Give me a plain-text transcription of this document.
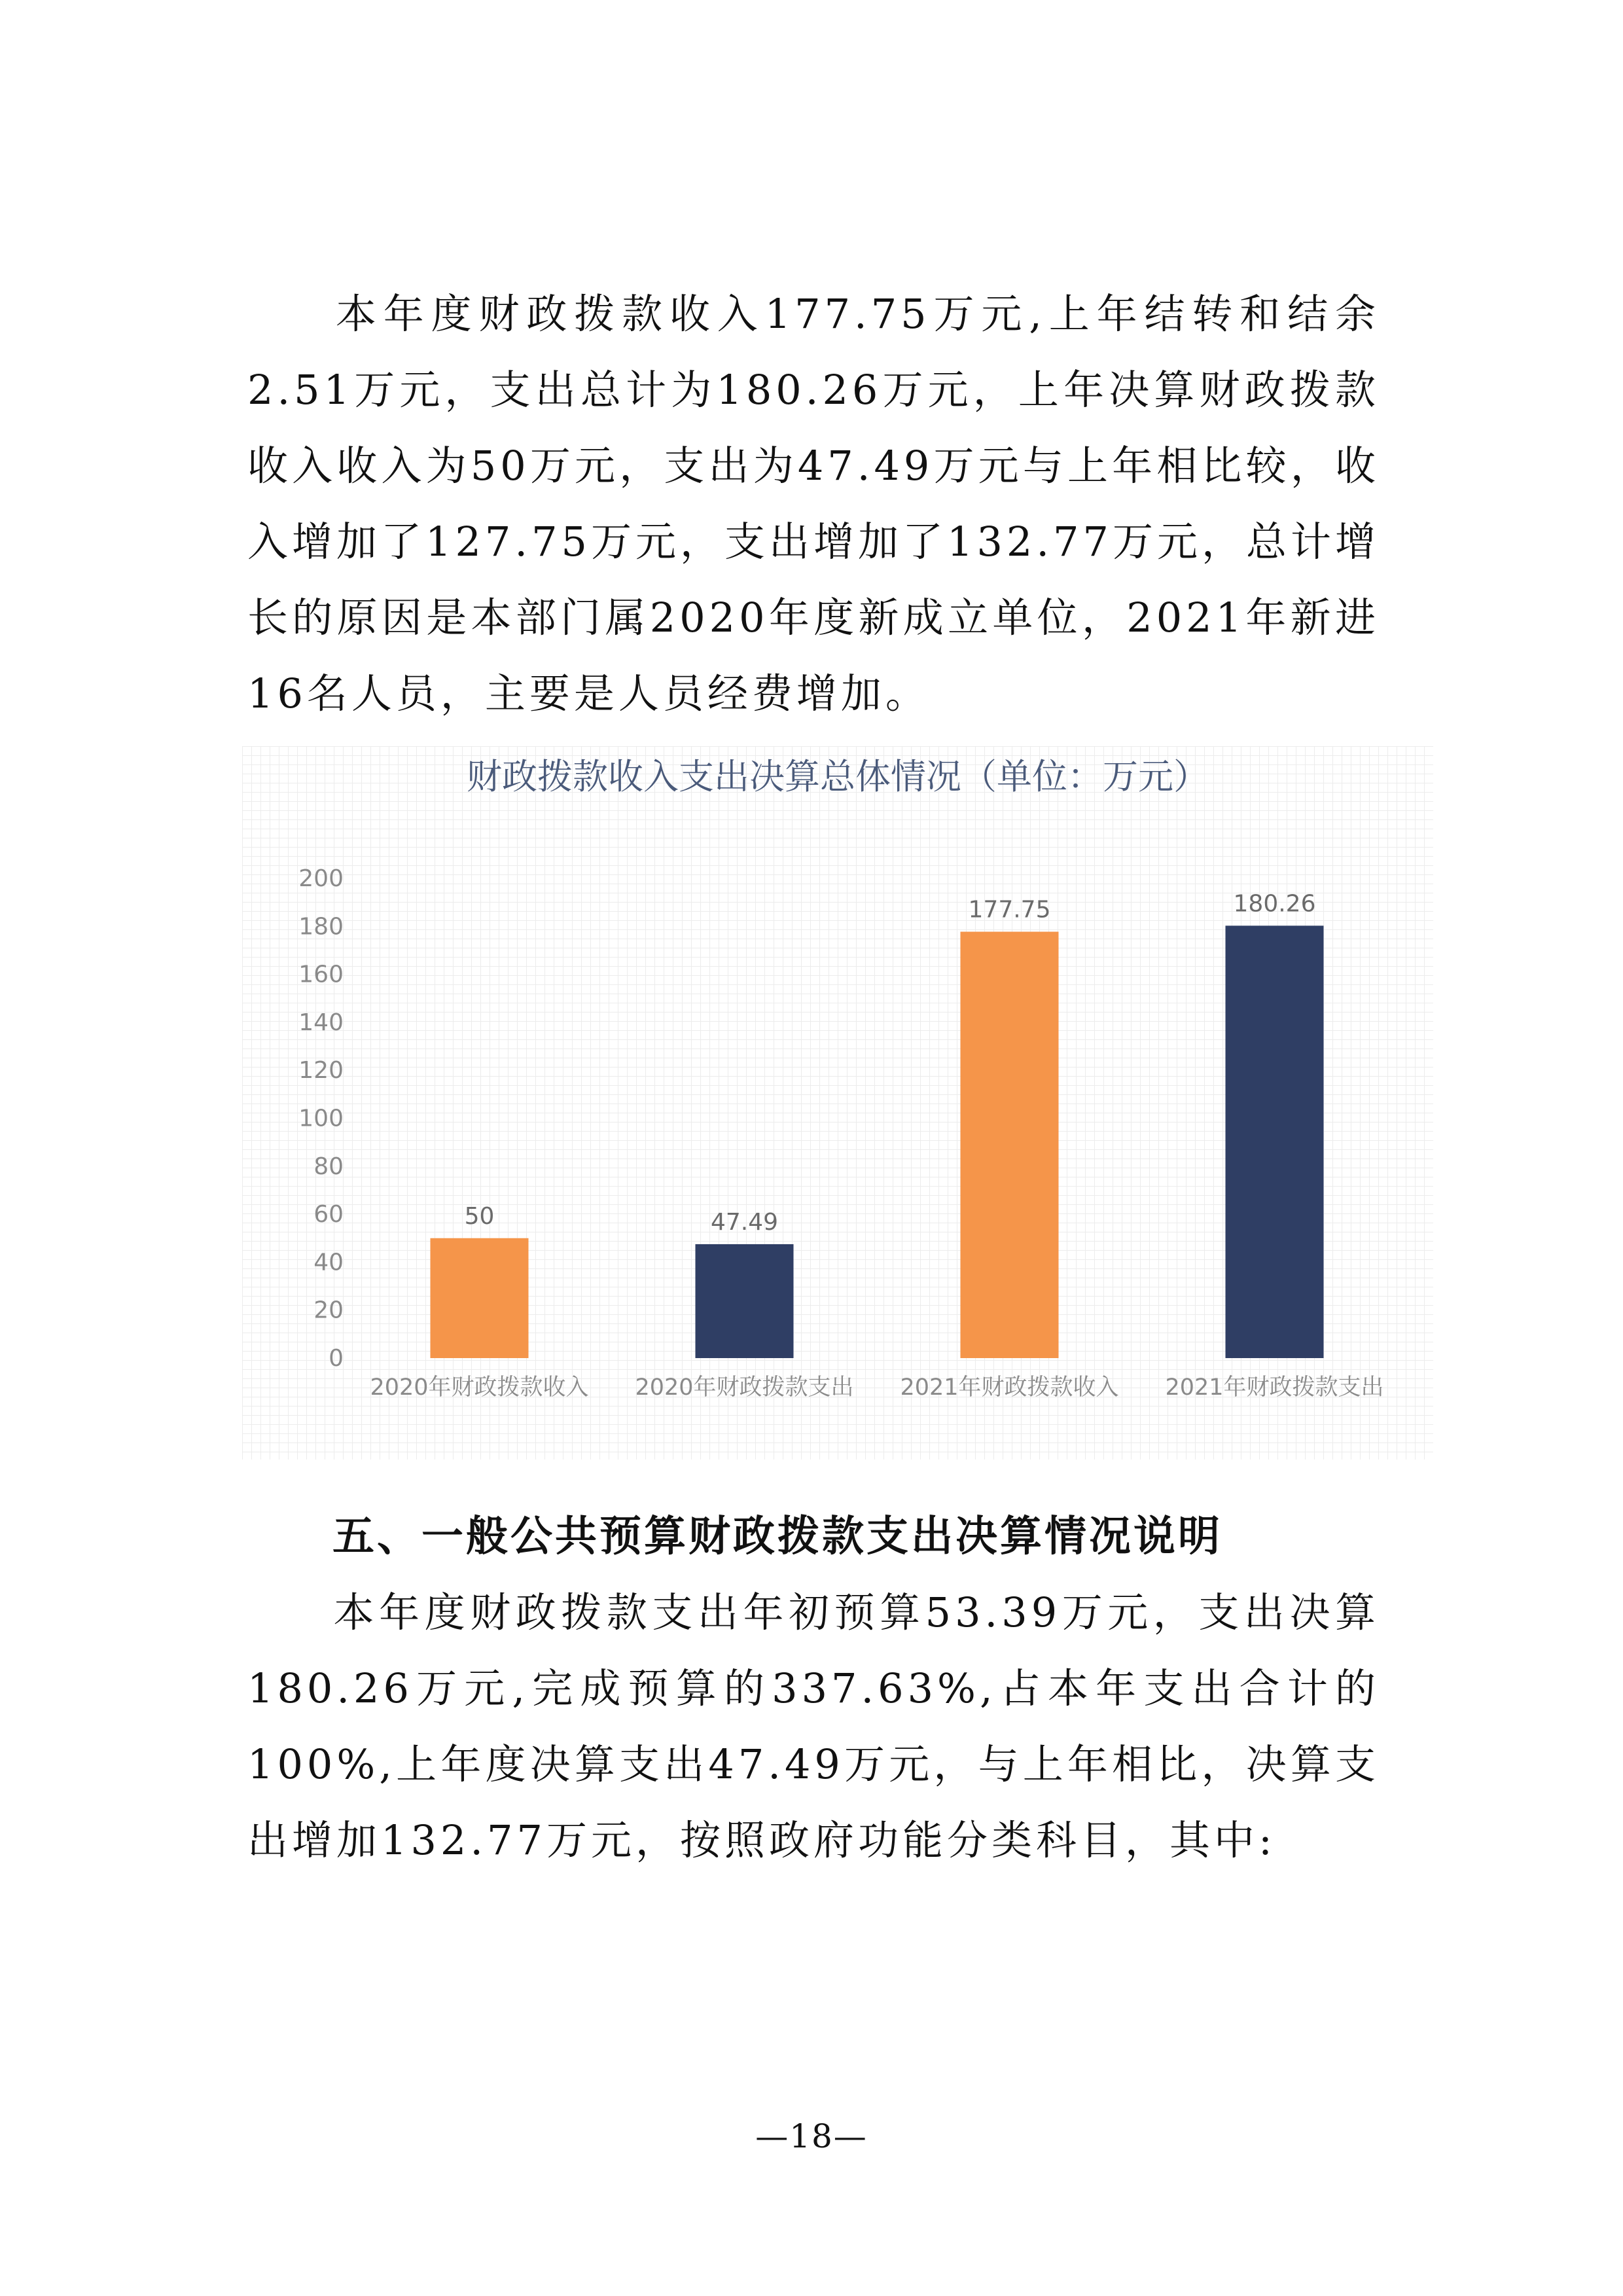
本年度财政拨款收入177.75万元,上年结转和结余2.51万元，支出总计为180.26万元，上年决算财政拨款收入收入为50万元，支出为47.49万元与上年相比较，收入增加了127.75万元，支出增加了132.77万元，总计增长的原因是本部门属2020年度新成立单位，2021年新进16名人员，主要是人员经费增加。

财政拨款收入支出决算总体情况（单位：万元）
0
20
40
60
80
100
120
140
160
180
200
50	47.49
177.75	180.26
2020年财政拨款收入 2020年财政拨款支出 2021年财政拨款收入 2021年财政拨款支出
五、一般公共预算财政拨款支出决算情况说明

本年度财政拨款支出年初预算53.39万元，支出决算180.26万元,完成预算的337.63%,占本年支出合计的100%,上年度决算支出47.49万元，与上年相比，决算支出增加132.77万元，按照政府功能分类科目，其中:

—18—
